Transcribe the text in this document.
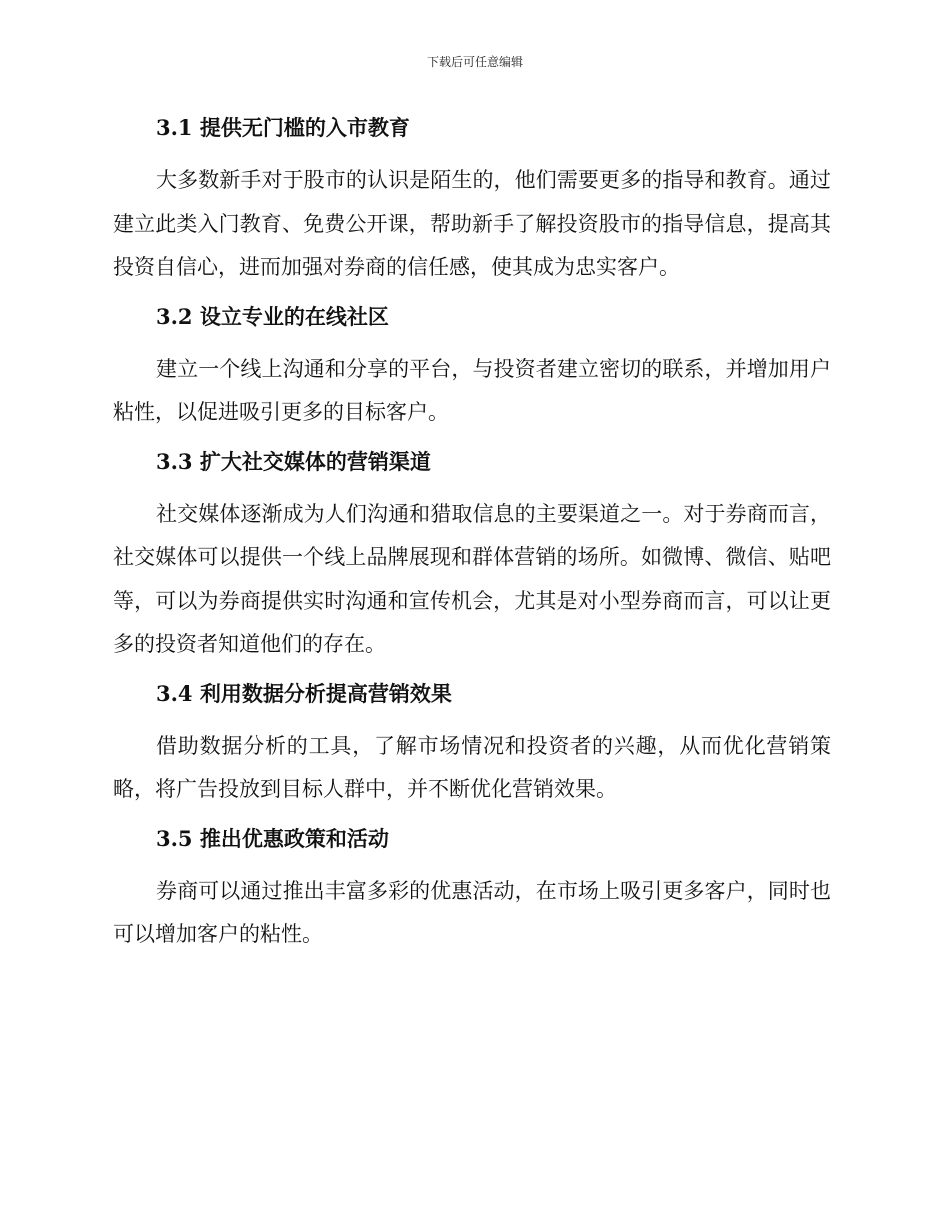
下载后可任意编辑
3.1 提供无门槛的入市教育

大多数新手对于股市的认识是陌生的，他们需要更多的指导和教育。通过建立此类入门教育、免费公开课，帮助新手了解投资股市的指导信息，提高其投资自信心，进而加强对券商的信任感，使其成为忠实客户。

3.2 设立专业的在线社区

建立一个线上沟通和分享的平台，与投资者建立密切的联系，并增加用户粘性，以促进吸引更多的目标客户。

3.3 扩大社交媒体的营销渠道

社交媒体逐渐成为人们沟通和猎取信息的主要渠道之一。对于券商而言，社交媒体可以提供一个线上品牌展现和群体营销的场所。如微博、微信、贴吧等，可以为券商提供实时沟通和宣传机会，尤其是对小型券商而言，可以让更多的投资者知道他们的存在。

3.4 利用数据分析提高营销效果

借助数据分析的工具，了解市场情况和投资者的兴趣，从而优化营销策略，将广告投放到目标人群中，并不断优化营销效果。

3.5 推出优惠政策和活动

券商可以通过推出丰富多彩的优惠活动，在市场上吸引更多客户，同时也可以增加客户的粘性。
